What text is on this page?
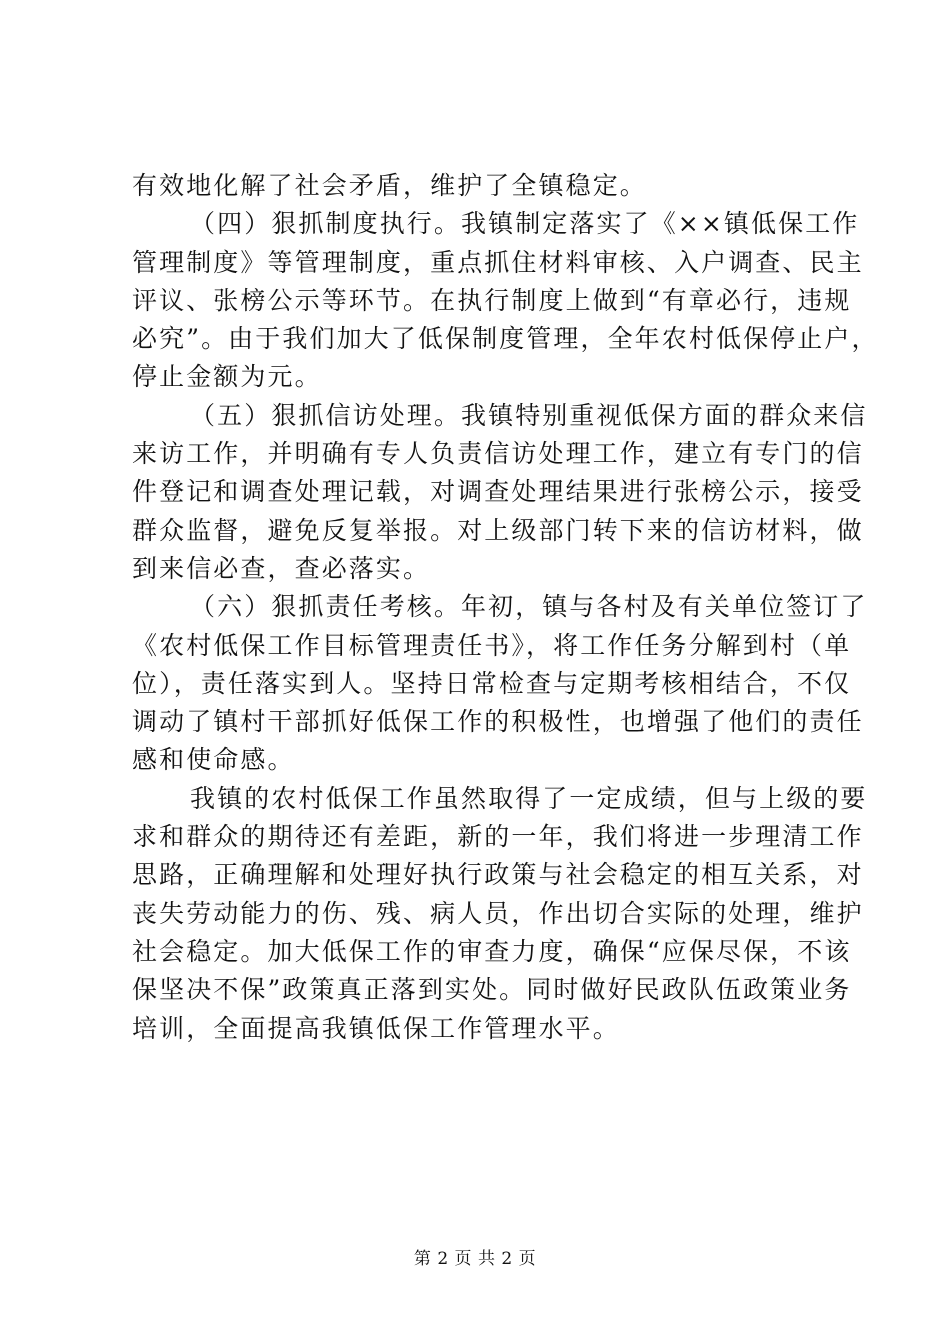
有效地化解了社会矛盾，维护了全镇稳定。
（四）狠抓制度执行。我镇制定落实了《××镇低保工作
管理制度》等管理制度，重点抓住材料审核、入户调查、民主
评议、张榜公示等环节。在执行制度上做到“有章必行，违规
必究”。由于我们加大了低保制度管理，全年农村低保停止户，
停止金额为元。
（五）狠抓信访处理。我镇特别重视低保方面的群众来信
来访工作，并明确有专人负责信访处理工作，建立有专门的信
件登记和调查处理记载，对调查处理结果进行张榜公示，接受
群众监督，避免反复举报。对上级部门转下来的信访材料，做
到来信必查，查必落实。
（六）狠抓责任考核。年初，镇与各村及有关单位签订了
《农村低保工作目标管理责任书》，将工作任务分解到村（单
位），责任落实到人。坚持日常检查与定期考核相结合，不仅
调动了镇村干部抓好低保工作的积极性，也增强了他们的责任
感和使命感。
我镇的农村低保工作虽然取得了一定成绩，但与上级的要
求和群众的期待还有差距，新的一年，我们将进一步理清工作
思路，正确理解和处理好执行政策与社会稳定的相互关系，对
丧失劳动能力的伤、残、病人员，作出切合实际的处理，维护
社会稳定。加大低保工作的审查力度，确保“应保尽保，不该
保坚决不保”政策真正落到实处。同时做好民政队伍政策业务
培训，全面提高我镇低保工作管理水平。
第 2 页 共 2 页
